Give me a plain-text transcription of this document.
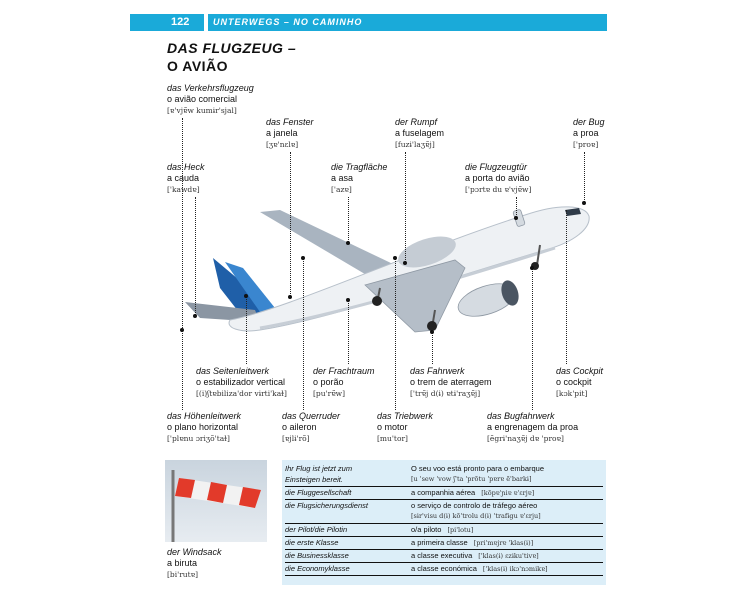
122	UNTERWEGS – NO CAMINHO
DAS FLUGZEUG –
O AVIÃO
das Verkehrsflugzeug
o avião comercial
[ɐ'vjɐ̃w kumɨr'sjal]
das Fenster
a janela
[ʒɐ'nɛlɐ]
der Rumpf
a fuselagem
[fuzɨ'laʒɐ̃j]
der Bug
a proa
['proɐ]
das Heck
a cauda
['kawdɐ]
die Tragfläche
a asa
['azɐ]
die Flugzeugtür
a porta do avião
['pɔrtɐ du ɐ'vjɐ̃w]
das Seitenleitwerk
o estabilizador vertical
[(i)ʃtɐbiliza'dor vɨrti'kaɫ]
der Frachtraum
o porão
[pu'rɐ̃w]
das Fahrwerk
o trem de aterragem
['trɐ̃j d(ɨ) ɐtɨ'raʒɐ̃j]
das Cockpit
o cockpit
[kɔk'pit]
das Höhenleitwerk
o plano horizontal
['plɐnu ɔriʒõ'taɫ]
das Querruder
o aileron
[ɐjlɨ'rõ]
das Triebwerk
o motor
[mu'tor]
das Bugfahrwerk
a engrenagem da proa
[ẽgrɨ'naʒɐ̃j dɐ 'proɐ]
der Windsack
a biruta
[bi'rutɐ]
Ihr Flug ist jetzt zum	O seu voo está pronto para o embarque
Einsteigen bereit.	[u 'sew 'vow ʃ'ta 'prõtu 'pɐrɐ ẽ'barkɨ]
die Fluggesellschaft	a companhia aérea [kõpɐ'ɲiɐ ɐ'ɛrjɐ]
die Flugsicherungsdienst	o serviço de controlo de tráfego aéreo
[sɨr'visu d(ɨ) kõ'trolu d(ɨ) 'trafɨgu ɐ'ɛrju]
der Pilot/die Pilotin	o/a piloto [pi'lotu]
die erste Klasse	a primeira classe [pri'mɐjrɐ 'klas(ɨ)]
die Businessklasse	a classe executiva ['klas(ɨ) ɛzɨku'tivɐ]
die Economyklasse	a classe económica ['klas(ɨ) ikɔ'nɔmikɐ]
